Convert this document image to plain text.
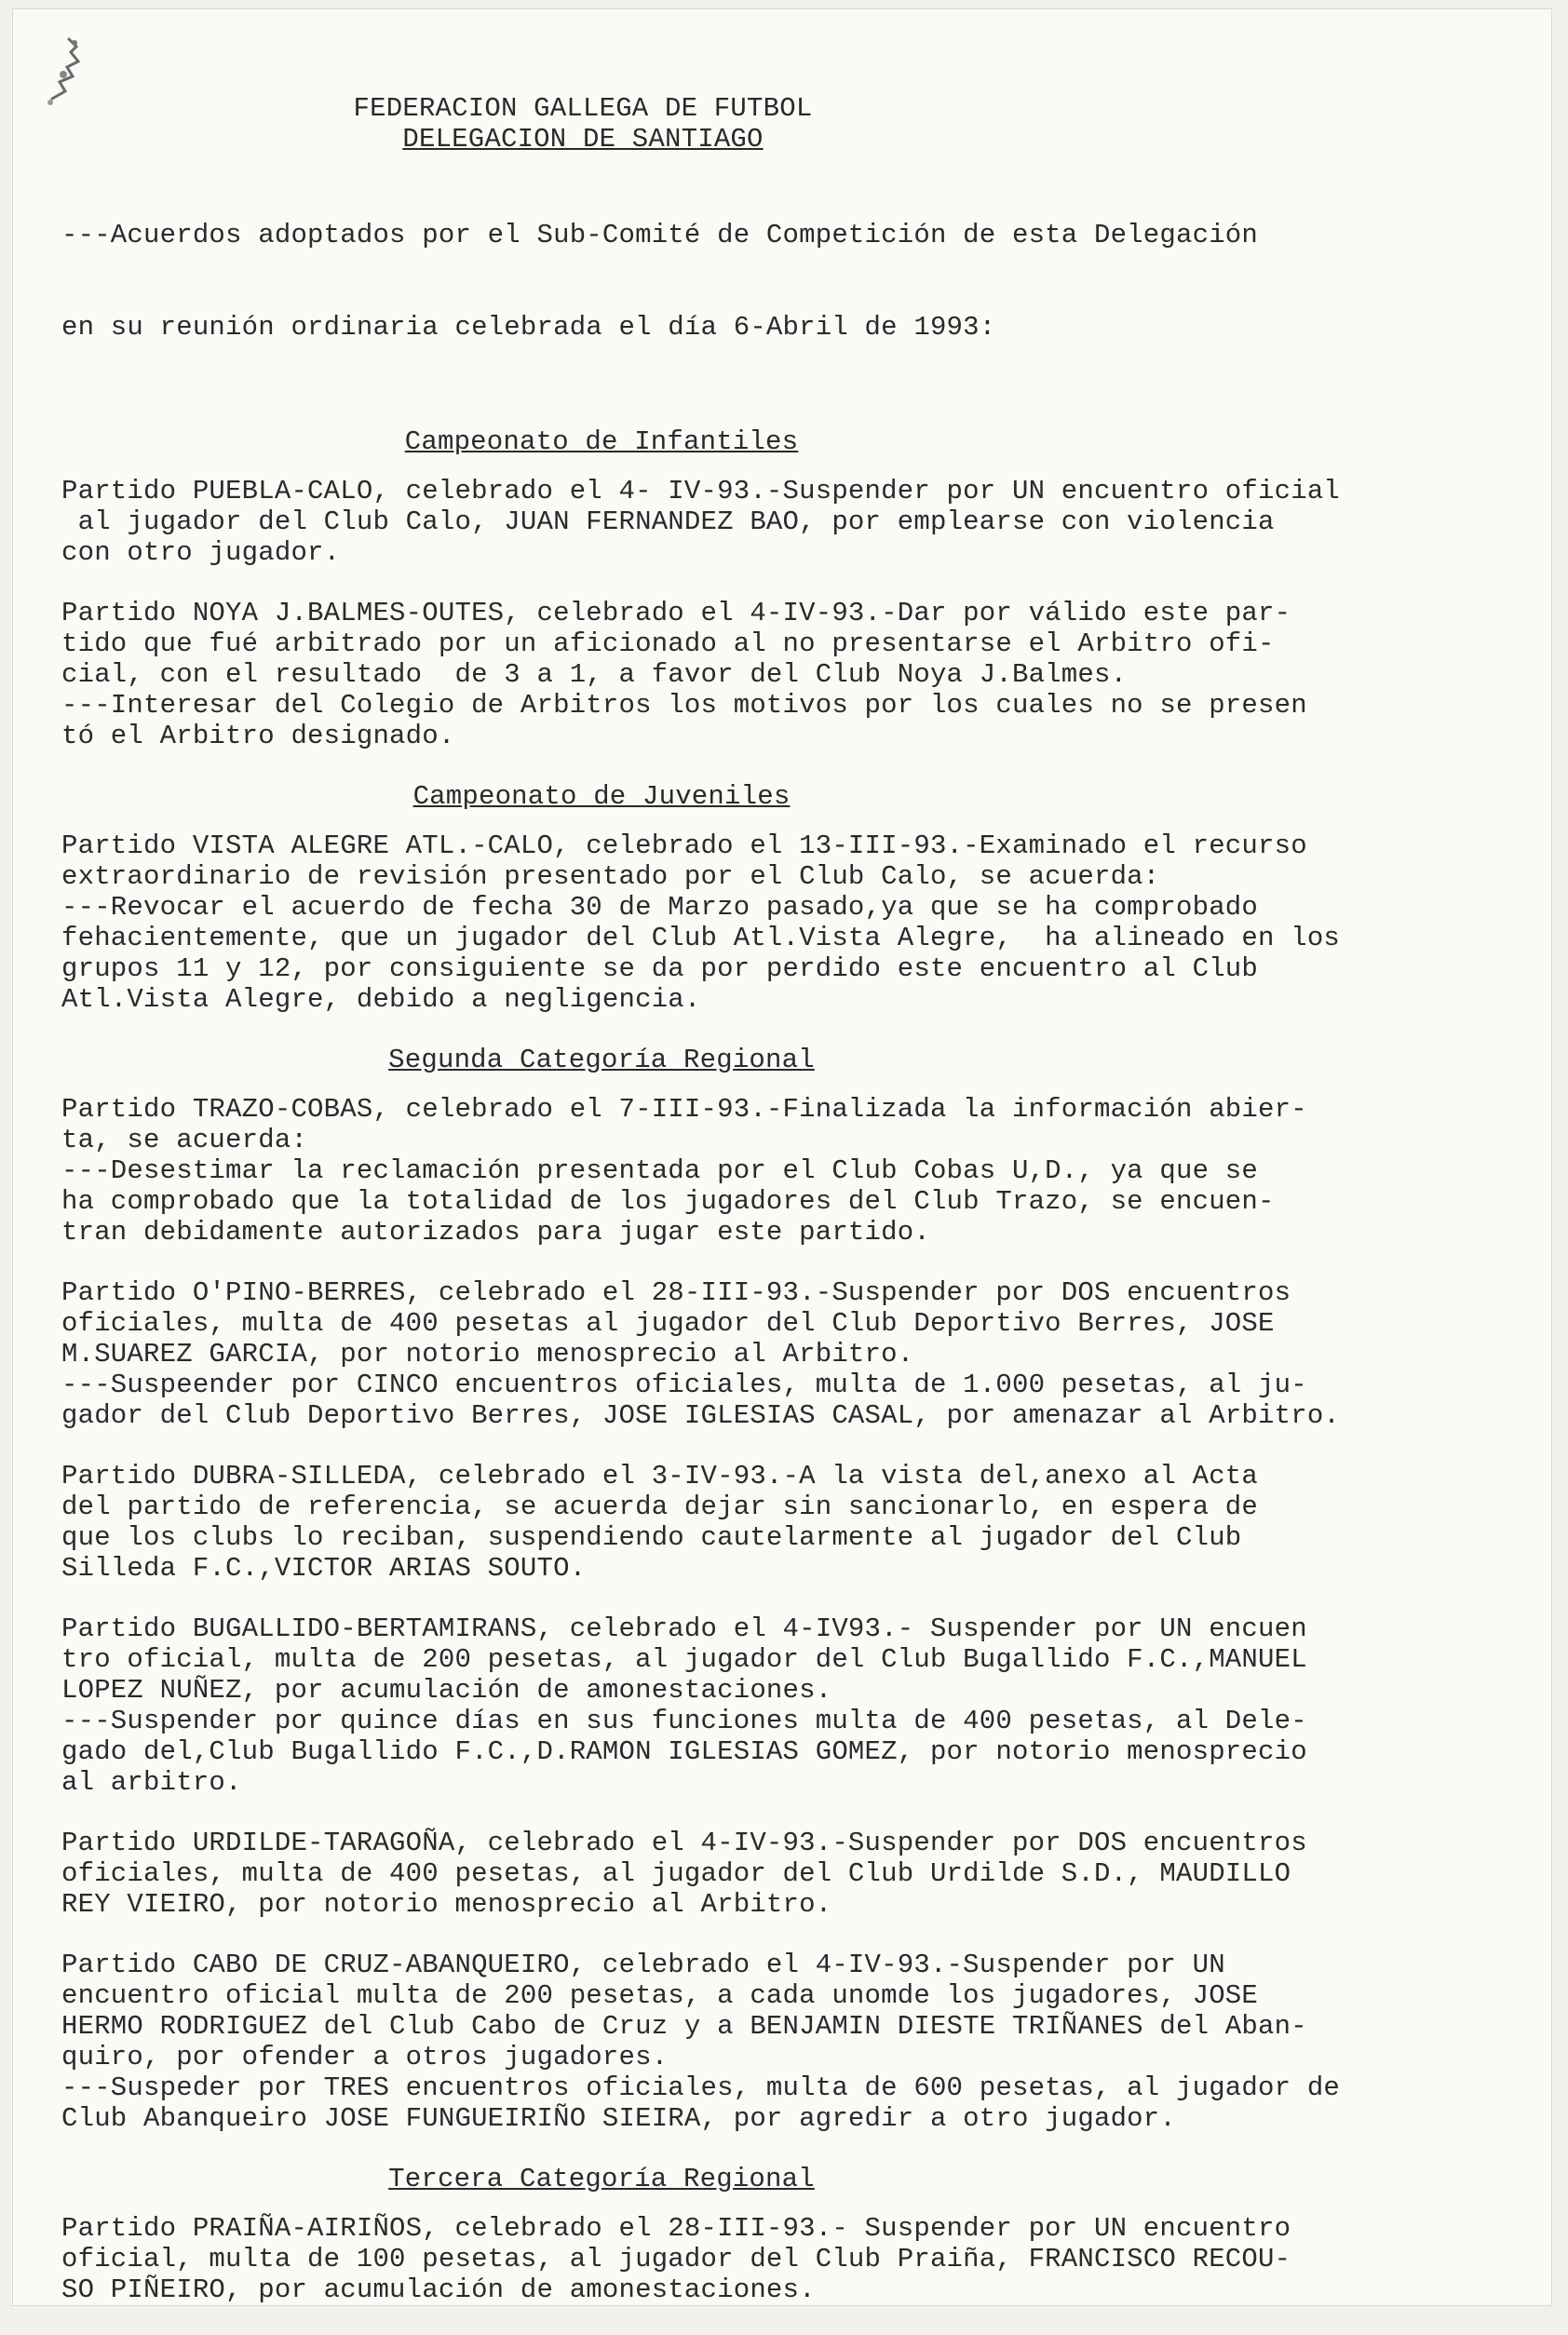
FEDERACION GALLEGA DE FUTBOL
DELEGACION DE SANTIAGO

---Acuerdos adoptados por el Sub-Comité de Competición de esta Delegación

en su reunión ordinaria celebrada el día 6-Abril de 1993:

Campeonato de Infantiles
Partido PUEBLA-CALO, celebrado el 4- IV-93.-Suspender por UN encuentro oficial
al jugador del Club Calo, JUAN FERNANDEZ BAO, por emplearse con violencia
con otro jugador.
Partido NOYA J.BALMES-OUTES, celebrado el 4-IV-93.-Dar por válido este par-
tido que fué arbitrado por un aficionado al no presentarse el Arbitro ofi-
cial, con el resultado  de 3 a 1, a favor del Club Noya J.Balmes.
---Interesar del Colegio de Arbitros los motivos por los cuales no se presen
tó el Arbitro designado.
Campeonato de Juveniles
Partido VISTA ALEGRE ATL.-CALO, celebrado el 13-III-93.-Examinado el recurso
extraordinario de revisión presentado por el Club Calo, se acuerda:
---Revocar el acuerdo de fecha 30 de Marzo pasado,ya que se ha comprobado
fehacientemente, que un jugador del Club Atl.Vista Alegre,  ha alineado en los
grupos 11 y 12, por consiguiente se da por perdido este encuentro al Club
Atl.Vista Alegre, debido a negligencia.
Segunda Categoría Regional
Partido TRAZO-COBAS, celebrado el 7-III-93.-Finalizada la información abier-
ta, se acuerda:
---Desestimar la reclamación presentada por el Club Cobas U,D., ya que se
ha comprobado que la totalidad de los jugadores del Club Trazo, se encuen-
tran debidamente autorizados para jugar este partido.
Partido O'PINO-BERRES, celebrado el 28-III-93.-Suspender por DOS encuentros
oficiales, multa de 400 pesetas al jugador del Club Deportivo Berres, JOSE
M.SUAREZ GARCIA, por notorio menosprecio al Arbitro.
---Suspeender por CINCO encuentros oficiales, multa de 1.000 pesetas, al ju-
gador del Club Deportivo Berres, JOSE IGLESIAS CASAL, por amenazar al Arbitro.
Partido DUBRA-SILLEDA, celebrado el 3-IV-93.-A la vista del,anexo al Acta
del partido de referencia, se acuerda dejar sin sancionarlo, en espera de
que los clubs lo reciban, suspendiendo cautelarmente al jugador del Club
Silleda F.C.,VICTOR ARIAS SOUTO.
Partido BUGALLIDO-BERTAMIRANS, celebrado el 4-IV93.- Suspender por UN encuen
tro oficial, multa de 200 pesetas, al jugador del Club Bugallido F.C.,MANUEL
LOPEZ NUÑEZ, por acumulación de amonestaciones.
---Suspender por quince días en sus funciones multa de 400 pesetas, al Dele-
gado del,Club Bugallido F.C.,D.RAMON IGLESIAS GOMEZ, por notorio menosprecio
al arbitro.
Partido URDILDE-TARAGOÑA, celebrado el 4-IV-93.-Suspender por DOS encuentros
oficiales, multa de 400 pesetas, al jugador del Club Urdilde S.D., MAUDILLO
REY VIEIRO, por notorio menosprecio al Arbitro.
Partido CABO DE CRUZ-ABANQUEIRO, celebrado el 4-IV-93.-Suspender por UN
encuentro oficial multa de 200 pesetas, a cada unomde los jugadores, JOSE
HERMO RODRIGUEZ del Club Cabo de Cruz y a BENJAMIN DIESTE TRIÑANES del Aban-
quiro, por ofender a otros jugadores.
---Suspeder por TRES encuentros oficiales, multa de 600 pesetas, al jugador de
Club Abanqueiro JOSE FUNGUEIRIÑO SIEIRA, por agredir a otro jugador.
Tercera Categoría Regional
Partido PRAIÑA-AIRIÑOS, celebrado el 28-III-93.- Suspender por UN encuentro
oficial, multa de 100 pesetas, al jugador del Club Praiña, FRANCISCO RECOU-
SO PIÑEIRO, por acumulación de amonestaciones.
